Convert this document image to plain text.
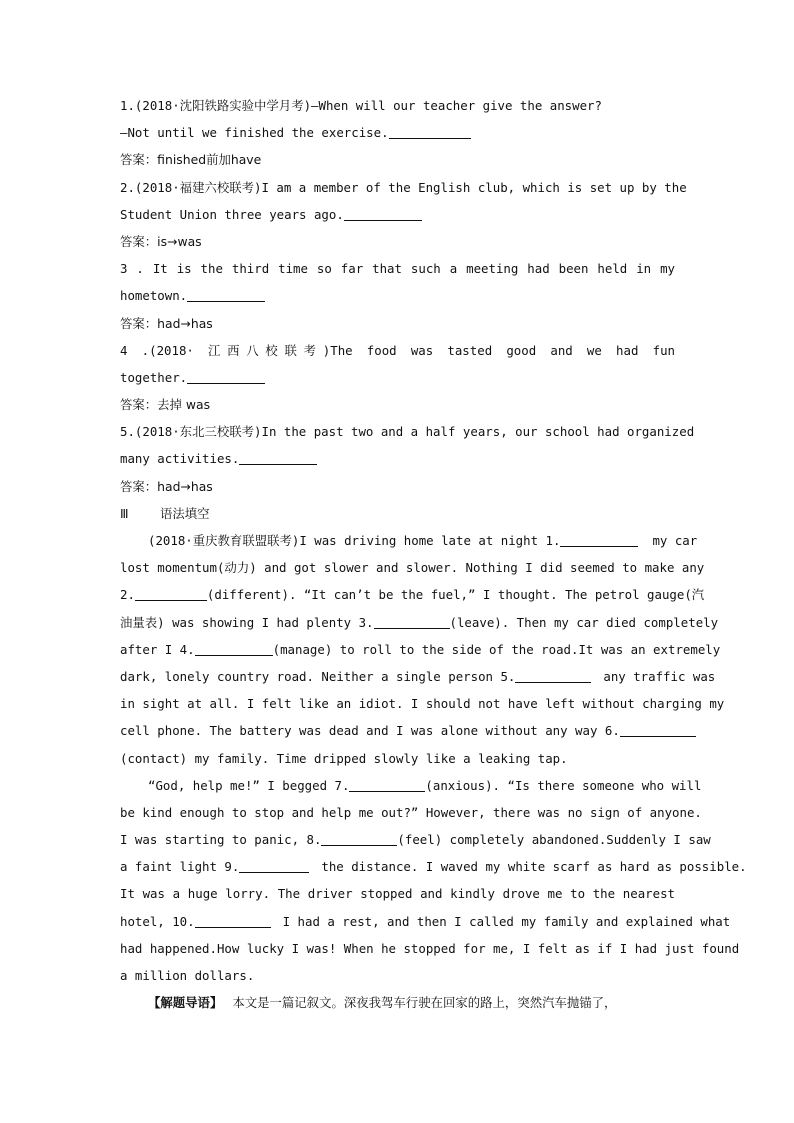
1.(2018·沈阳铁路实验中学月考)—When will our teacher give the answer?
—Not until we finished the exercise.
答案：finished前加have
2.(2018·福建六校联考)I am a member of the English club, which is set up by the
Student Union three years ago.
答案：is→was
3 . It is the third time so far that such a meeting had been held in my
hometown.
答案：had→has
4 .(2018· 江西八校联考)The food was tasted good and we had fun
together.
答案：去掉 was
5.(2018·东北三校联考)In the past two and a half years, our school had organized
many activities.
答案：had→has
Ⅲ	语法填空
(2018·重庆教育联盟联考)I was driving home late at night 1.	my car
lost momentum(动力) and got slower and slower. Nothing I did seemed to make any
2.	(different). “It can’t be the fuel,” I thought. The petrol gauge(汽
油量表) was showing I had plenty 3.	(leave). Then my car died completely
after I 4.	(manage) to roll to the side of the road.It was an extremely
dark, lonely country road. Neither a single person 5.	any traffic was
in sight at all. I felt like an idiot. I should not have left without charging my
cell phone. The battery was dead and I was alone without any way 6.
(contact) my family. Time dripped slowly like a leaking tap.
“God, help me!” I begged 7.	(anxious). “Is there someone who will
be kind enough to stop and help me out?” However, there was no sign of anyone.
I was starting to panic, 8.	(feel) completely abandoned.Suddenly I saw
a faint light 9.	the distance. I waved my white scarf as hard as possible.
It was a huge lorry. The driver stopped and kindly drove me to the nearest
hotel, 10.	I had a rest, and then I called my family and explained what
had happened.How lucky I was! When he stopped for me, I felt as if I had just found
a million dollars.
【解题导语】 本文是一篇记叙文。深夜我驾车行驶在回家的路上，突然汽车抛锚了，
